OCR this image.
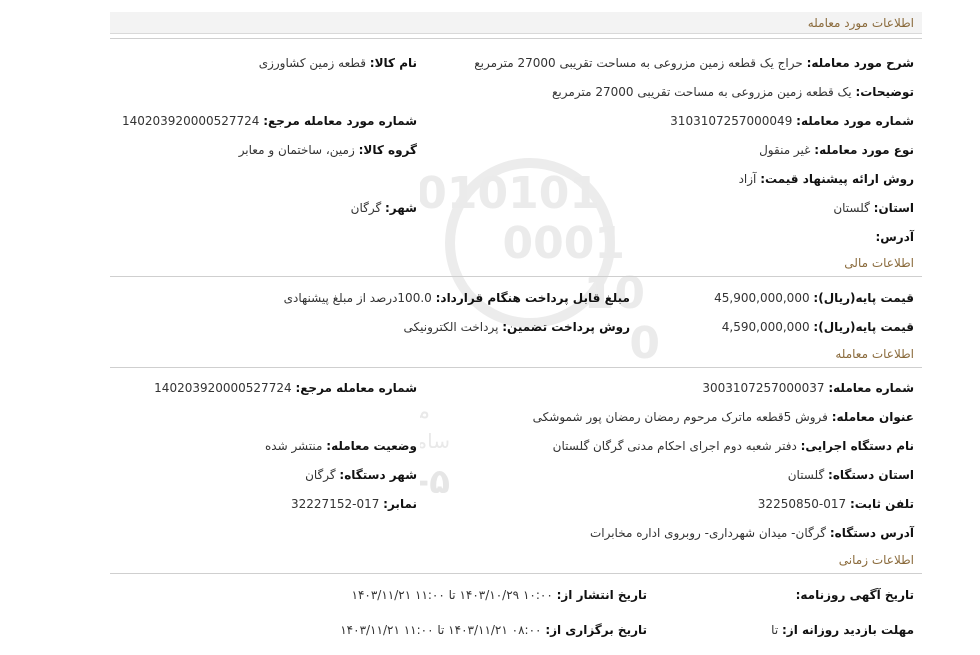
010101
0001
10
0
م
سام
۵
اطلاعات مورد معامله
شرح مورد معامله: حراج یک قطعه زمین مزروعی به مساحت تقریبی 27000 مترمربع
نام کالا: قطعه زمین کشاورزی
توضیحات: یک قطعه زمین مزروعی به مساحت تقریبی 27000 مترمربع
شماره مورد معامله: 3103107257000049
شماره مورد معامله مرجع: 140203920000527724
نوع مورد معامله: غیر منقول
گروه کالا: زمین، ساختمان و معابر
روش ارائه پیشنهاد قیمت: آزاد
استان: گلستان
شهر: گرگان
آدرس:
اطلاعات مالی
قیمت پایه(ریال): 45,900,000,000
مبلغ قابل پرداخت هنگام قرارداد: 100.0درصد از مبلغ پیشنهادی
قیمت پایه(ریال): 4,590,000,000
روش پرداخت تضمین: پرداخت الکترونیکی
اطلاعات معامله
شماره معامله: 3003107257000037
شماره معامله مرجع: 140203920000527724
عنوان معامله: فروش 5قطعه ماترک مرحوم رمضان رمضان پور شموشکی
نام دستگاه اجرایی: دفتر شعبه دوم اجرای احکام مدنی گرگان گلستان
وضعیت معامله: منتشر شده
استان دستگاه: گلستان
شهر دستگاه: گرگان
تلفن ثابت: 017-32250850
نمابر: 017-32227152
آدرس دستگاه: گرگان- میدان شهرداری- روبروی اداره مخابرات
اطلاعات زمانی
تاریخ آگهی روزنامه:
تاریخ انتشار از: ۱۰:۰۰ ۱۴۰۳/۱۰/۲۹ تا ۱۱:۰۰ ۱۴۰۳/۱۱/۲۱
مهلت بازدید روزانه از: تا
تاریخ برگزاری از: ۰۸:۰۰ ۱۴۰۳/۱۱/۲۱ تا ۱۱:۰۰ ۱۴۰۳/۱۱/۲۱
